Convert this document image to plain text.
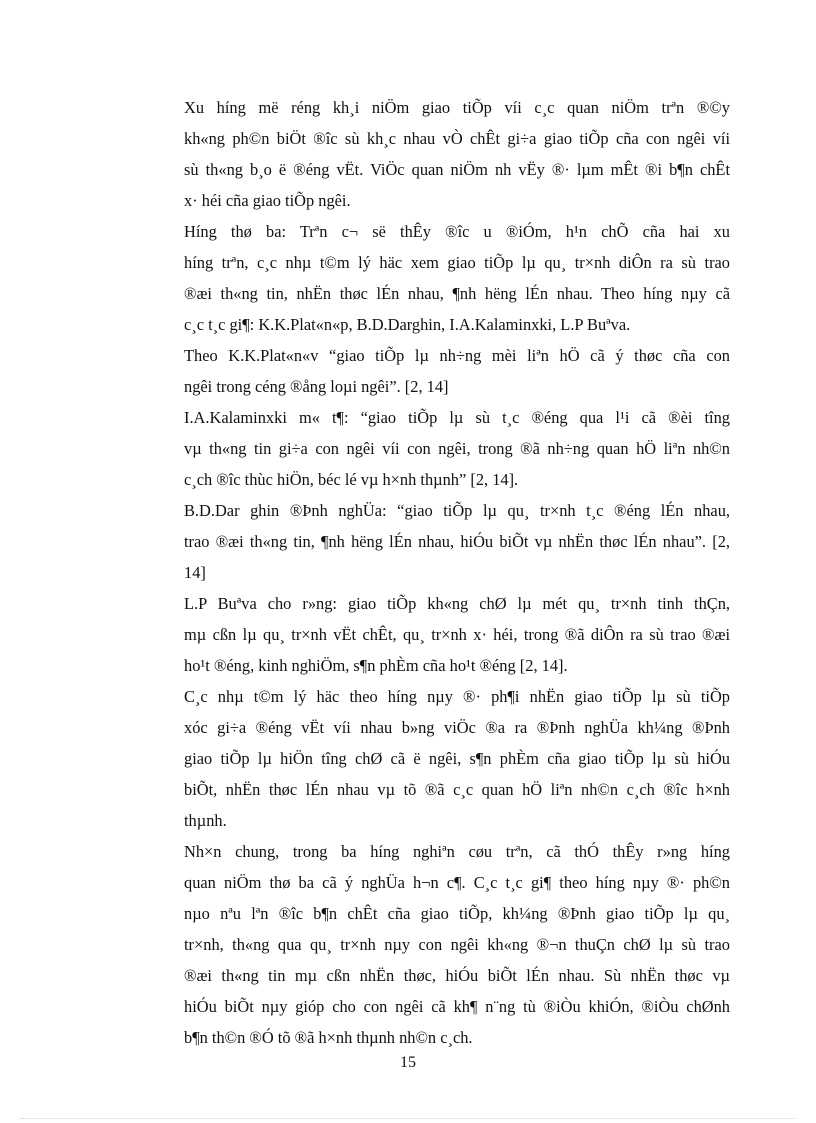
Xu híng më réng kh¸i niÖm giao tiÕp víi c¸c quan niÖm trªn ®©y
kh«ng ph©n biÖt ®îc sù kh¸c nhau vÒ chÊt gi÷a giao tiÕp cña con ngêi víi
sù th«ng b¸o ë ®éng vËt. ViÖc quan niÖm nh vËy ®· lµm mÊt ®i b¶n chÊt
x· héi cña giao tiÕp ngêi.

Híng thø ba: Trªn c¬ së thÊy ®îc u ®iÓm, h¹n chÕ cña hai xu
híng trªn, c¸c nhµ t©m lý häc xem giao tiÕp lµ qu¸ tr×nh diÔn ra sù trao
®æi th«ng tin, nhËn thøc lÉn nhau, ¶nh hëng lÉn nhau. Theo híng nµy cã
c¸c t¸c gi¶: K.K.Plat«n«p, B.D.Darghin, I.A.Kalaminxki, L.P Buªva.

Theo K.K.Plat«n«v “giao tiÕp lµ nh÷ng mèi liªn hÖ cã ý thøc cña con
ngêi trong céng ®ång loµi ngêi”. [2, 14]

I.A.Kalaminxki m« t¶: “giao tiÕp lµ sù t¸c ®éng qua l¹i cã ®èi tîng
vµ th«ng tin gi÷a con ngêi víi con ngêi, trong ®ã nh÷ng quan hÖ liªn nh©n
c¸ch ®îc thùc hiÖn, béc lé vµ h×nh thµnh” [2, 14].

B.D.Dar ghin ®Þnh nghÜa: “giao tiÕp lµ qu¸ tr×nh t¸c ®éng lÉn nhau,
trao ®æi th«ng tin, ¶nh hëng lÉn nhau, hiÓu biÕt vµ nhËn thøc lÉn nhau”. [2,
14]

L.P Buªva cho r»ng: giao tiÕp kh«ng chØ lµ mét qu¸ tr×nh tinh thÇn,
mµ cßn lµ qu¸ tr×nh vËt chÊt, qu¸ tr×nh x· héi, trong ®ã diÔn ra sù trao ®æi
ho¹t ®éng, kinh nghiÖm, s¶n phÈm cña ho¹t ®éng [2, 14].

C¸c nhµ t©m lý häc theo híng nµy ®· ph¶i nhËn giao tiÕp lµ sù tiÕp
xóc gi÷a ®éng vËt víi nhau b»ng viÖc ®a ra ®Þnh nghÜa kh¼ng ®Þnh
giao tiÕp lµ hiÖn tîng chØ cã ë ngêi, s¶n phÈm cña giao tiÕp lµ sù hiÓu
biÕt, nhËn thøc lÉn nhau vµ tõ ®ã c¸c quan hÖ liªn nh©n c¸ch ®îc h×nh
thµnh.

Nh×n chung, trong ba híng nghiªn cøu trªn, cã thÓ thÊy r»ng híng
quan niÖm thø ba cã ý nghÜa h¬n c¶. C¸c t¸c gi¶ theo híng nµy ®· ph©n
nµo nªu lªn ®îc b¶n chÊt cña giao tiÕp, kh¼ng ®Þnh giao tiÕp lµ qu¸
tr×nh, th«ng qua qu¸ tr×nh nµy con ngêi kh«ng ®¬n thuÇn chØ lµ sù trao
®æi th«ng tin mµ cßn nhËn thøc, hiÓu biÕt lÉn nhau. Sù nhËn thøc vµ
hiÓu biÕt nµy gióp cho con ngêi cã kh¶ n¨ng tù ®iÒu khiÓn, ®iÒu chØnh
b¶n th©n ®Ó tõ ®ã h×nh thµnh nh©n c¸ch.

15
